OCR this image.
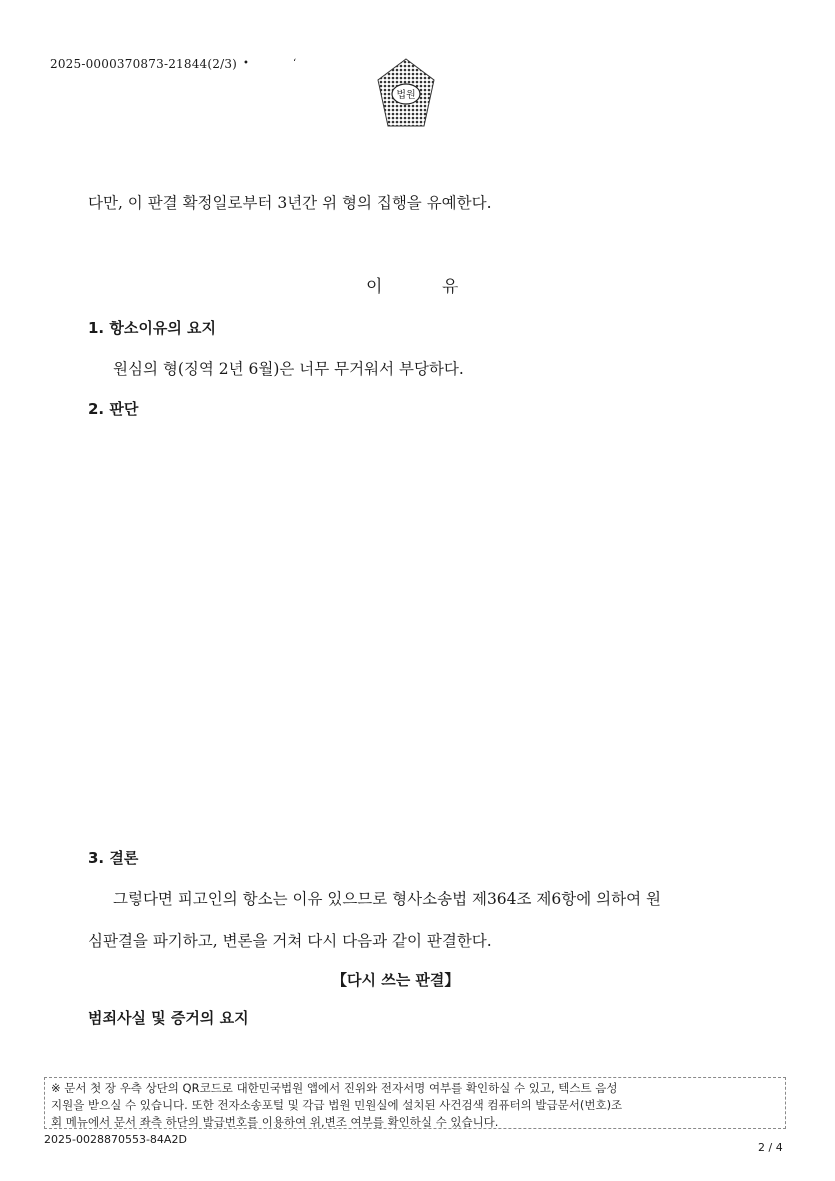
2025-0000370873-21844(2/3) •	‘
법원
다만, 이 판결 확정일로부터 3년간 위 형의 집행을 유예한다.
이	유
1. 항소이유의 요지
원심의 형(징역 2년 6월)은 너무 무거워서 부당하다.
2. 판단
3. 결론
그렇다면 피고인의 항소는 이유 있으므로 형사소송법 제364조 제6항에 의하여 원
심판결을 파기하고, 변론을 거쳐 다시 다음과 같이 판결한다.
【다시 쓰는 판결】
범죄사실 및 증거의 요지
※ 문서 첫 장 우측 상단의 QR코드로 대한민국법원 앱에서 진위와 전자서명 여부를 확인하실 수 있고, 텍스트 음성
지원을 받으실 수 있습니다. 또한 전자소송포털 및 각급 법원 민원실에 설치된 사건검색 컴퓨터의 발급문서(번호)조
회 메뉴에서 문서 좌측 하단의 발급번호를 이용하여 위,변조 여부를 확인하실 수 있습니다.
2025-0028870553-84A2D
2 / 4
